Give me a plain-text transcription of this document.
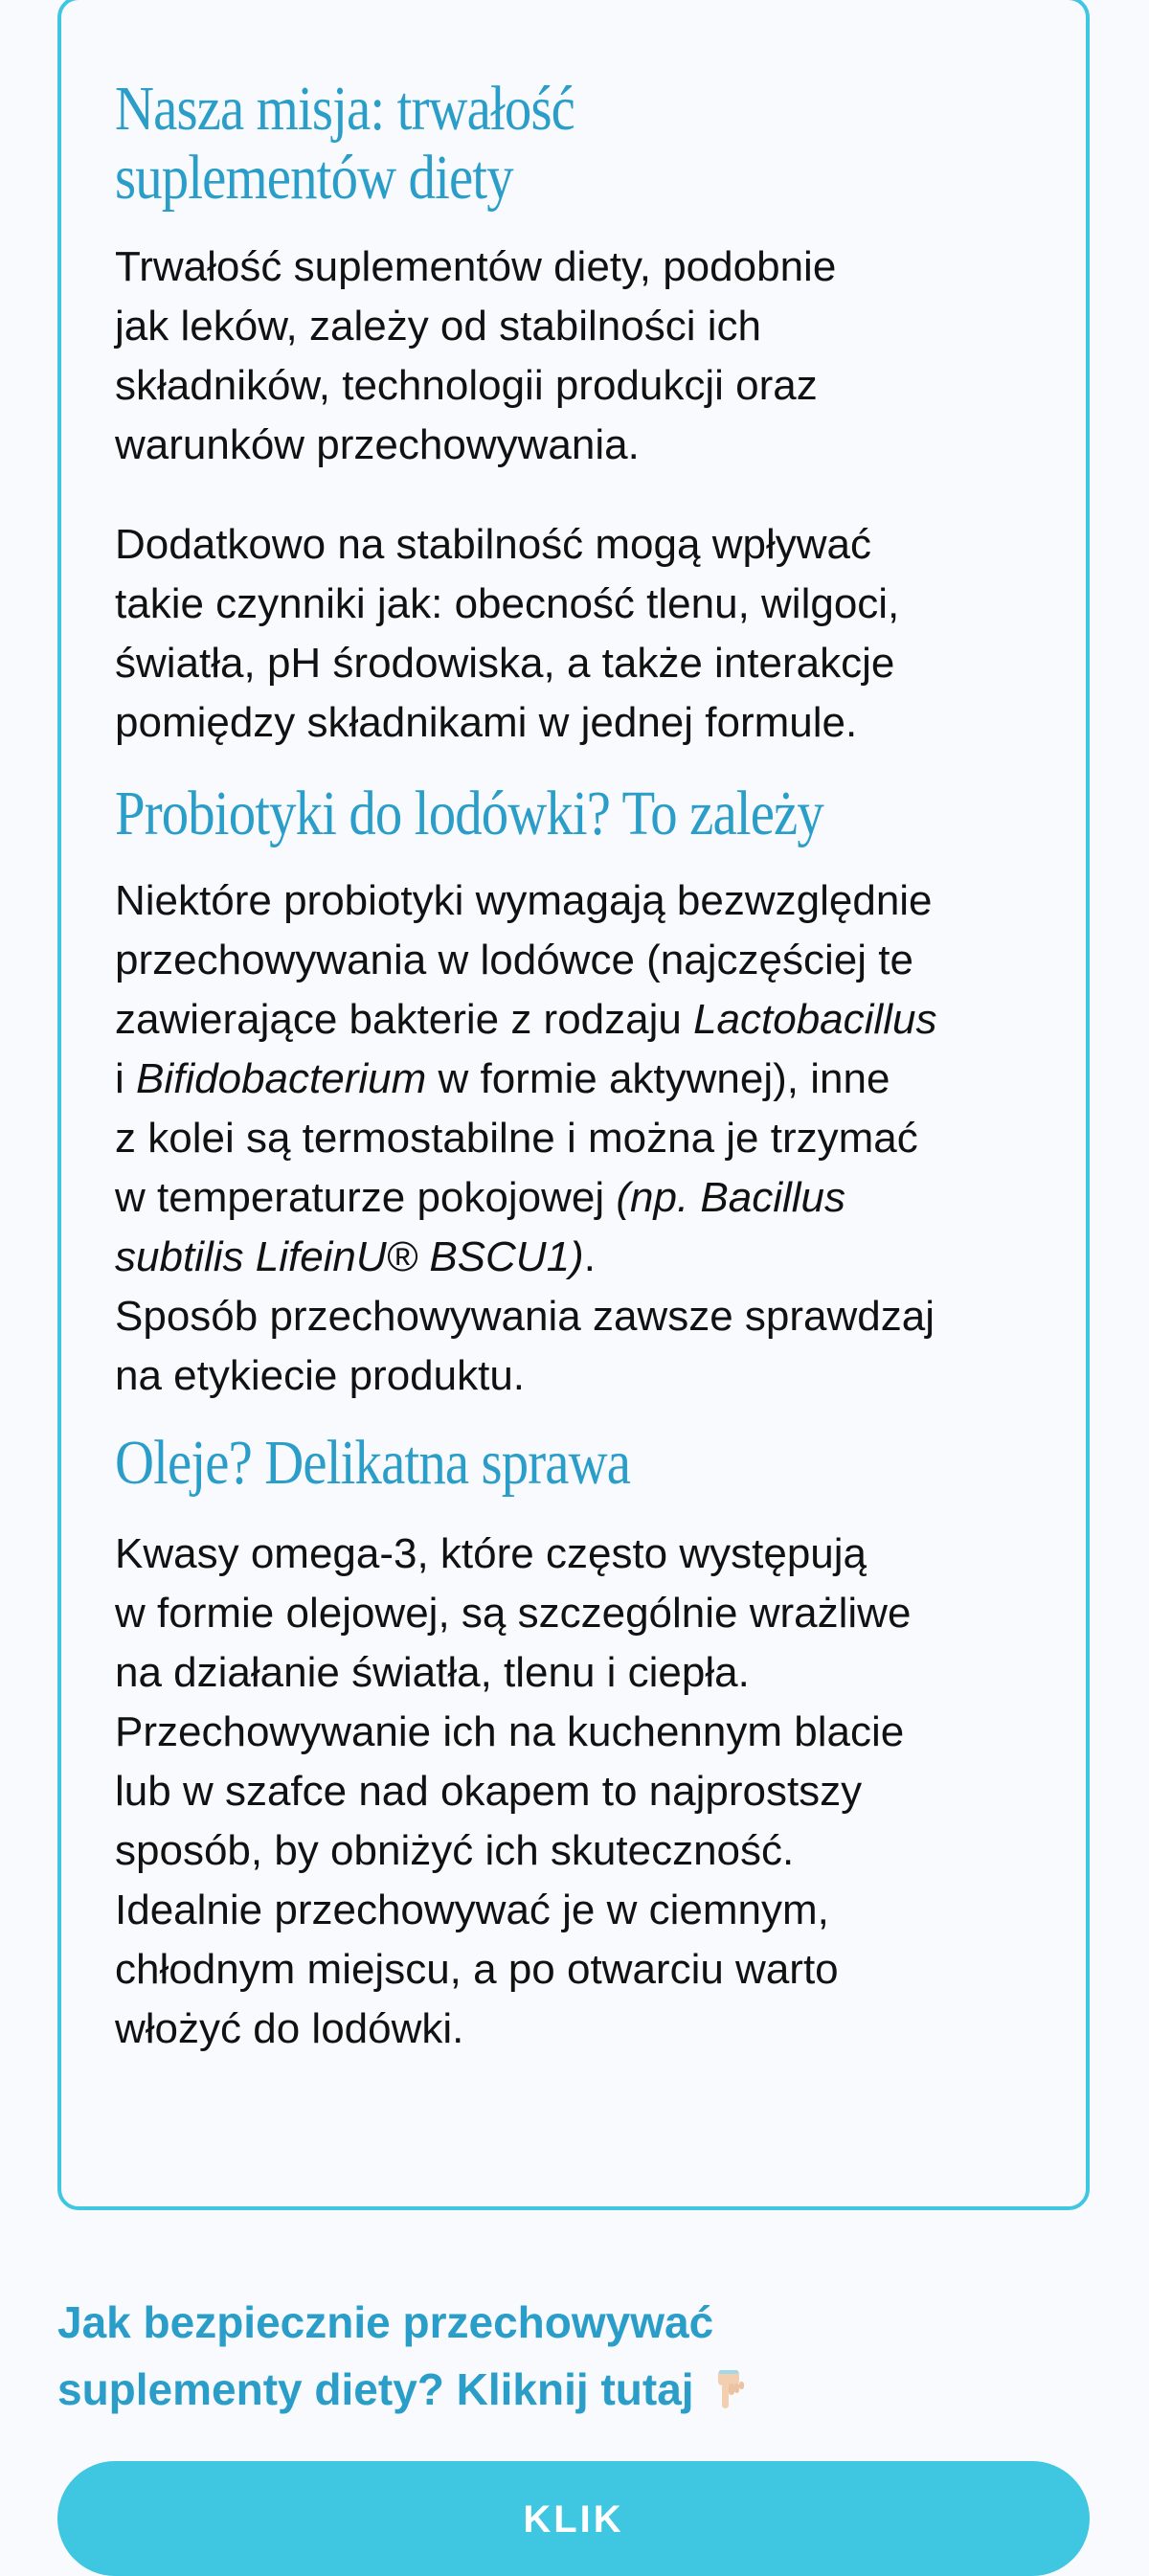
Nasza misja: trwałość
suplementów diety

Trwałość suplementów diety, podobnie
jak leków, zależy od stabilności ich
składników, technologii produkcji oraz
warunków przechowywania.

Dodatkowo na stabilność mogą wpływać
takie czynniki jak: obecność tlenu, wilgoci,
światła, pH środowiska, a także interakcje
pomiędzy składnikami w jednej formule.

Probiotyki do lodówki? To zależy

Niektóre probiotyki wymagają bezwzględnie
przechowywania w lodówce (najczęściej te
zawierające bakterie z rodzaju Lactobacillus
i Bifidobacterium w formie aktywnej), inne
z kolei są termostabilne i można je trzymać
w temperaturze pokojowej (np. Bacillus
subtilis LifeinU® BSCU1).
Sposób przechowywania zawsze sprawdzaj
na etykiecie produktu.

Oleje? Delikatna sprawa

Kwasy omega-3, które często występują
w formie olejowej, są szczególnie wrażliwe
na działanie światła, tlenu i ciepła.
Przechowywanie ich na kuchennym blacie
lub w szafce nad okapem to najprostszy
sposób, by obniżyć ich skuteczność.
Idealnie przechowywać je w ciemnym,
chłodnym miejscu, a po otwarciu warto
włożyć do lodówki.

Jak bezpiecznie przechowywać
suplementy diety? Kliknij tutaj

KLIK
